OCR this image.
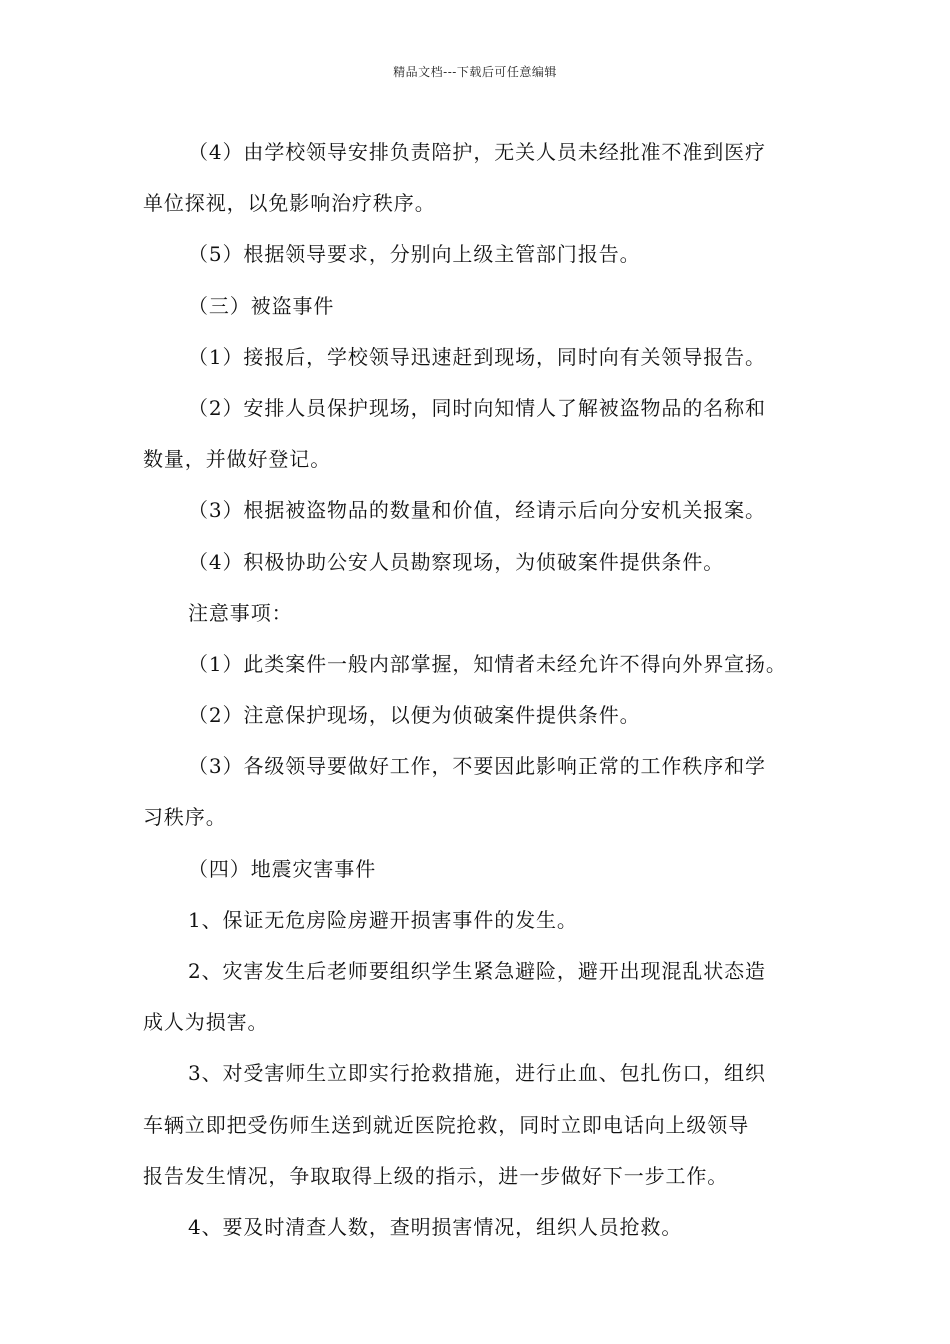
精品文档---下载后可任意编辑
（4）由学校领导安排负责陪护，无关人员未经批准不准到医疗
单位探视，以免影响治疗秩序。
（5）根据领导要求，分别向上级主管部门报告。
（三）被盗事件
（1）接报后，学校领导迅速赶到现场，同时向有关领导报告。
（2）安排人员保护现场，同时向知情人了解被盗物品的名称和
数量，并做好登记。
（3）根据被盗物品的数量和价值，经请示后向分安机关报案。
（4）积极协助公安人员勘察现场，为侦破案件提供条件。
注意事项：
（1）此类案件一般内部掌握，知情者未经允许不得向外界宣扬。
（2）注意保护现场，以便为侦破案件提供条件。
（3）各级领导要做好工作，不要因此影响正常的工作秩序和学
习秩序。
（四）地震灾害事件
1、保证无危房险房避开损害事件的发生。
2、灾害发生后老师要组织学生紧急避险，避开出现混乱状态造
成人为损害。
3、对受害师生立即实行抢救措施，进行止血、包扎伤口，组织
车辆立即把受伤师生送到就近医院抢救，同时立即电话向上级领导
报告发生情况，争取取得上级的指示，进一步做好下一步工作。
4、要及时清查人数，查明损害情况，组织人员抢救。
